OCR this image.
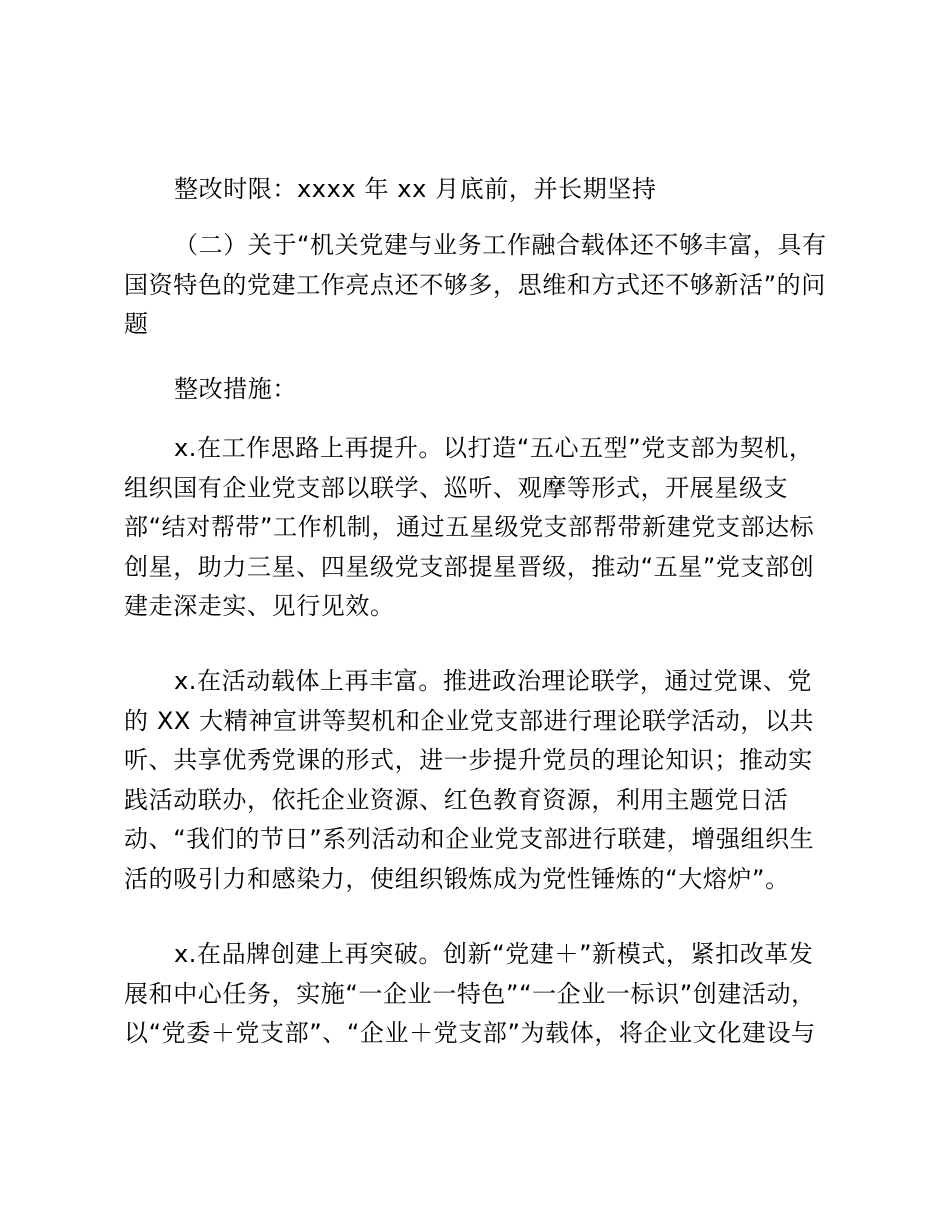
整改时限：xxxx 年 xx 月底前，并长期坚持

（二）关于“机关党建与业务工作融合载体还不够丰富，具有
国资特色的党建工作亮点还不够多，思维和方式还不够新活”的问
题

整改措施：

x.在工作思路上再提升。以打造“五心五型”党支部为契机，
组织国有企业党支部以联学、巡听、观摩等形式，开展星级支
部“结对帮带”工作机制，通过五星级党支部帮带新建党支部达标
创星，助力三星、四星级党支部提星晋级，推动“五星”党支部创
建走深走实、见行见效。

x.在活动载体上再丰富。推进政治理论联学，通过党课、党
的 XX 大精神宣讲等契机和企业党支部进行理论联学活动，以共
听、共享优秀党课的形式，进一步提升党员的理论知识；推动实
践活动联办，依托企业资源、红色教育资源，利用主题党日活
动、“我们的节日”系列活动和企业党支部进行联建，增强组织生
活的吸引力和感染力，使组织锻炼成为党性锤炼的“大熔炉”。

x.在品牌创建上再突破。创新“党建＋”新模式，紧扣改革发
展和中心任务，实施“一企业一特色”“一企业一标识”创建活动，
以“党委＋党支部”、“企业＋党支部”为载体，将企业文化建设与
